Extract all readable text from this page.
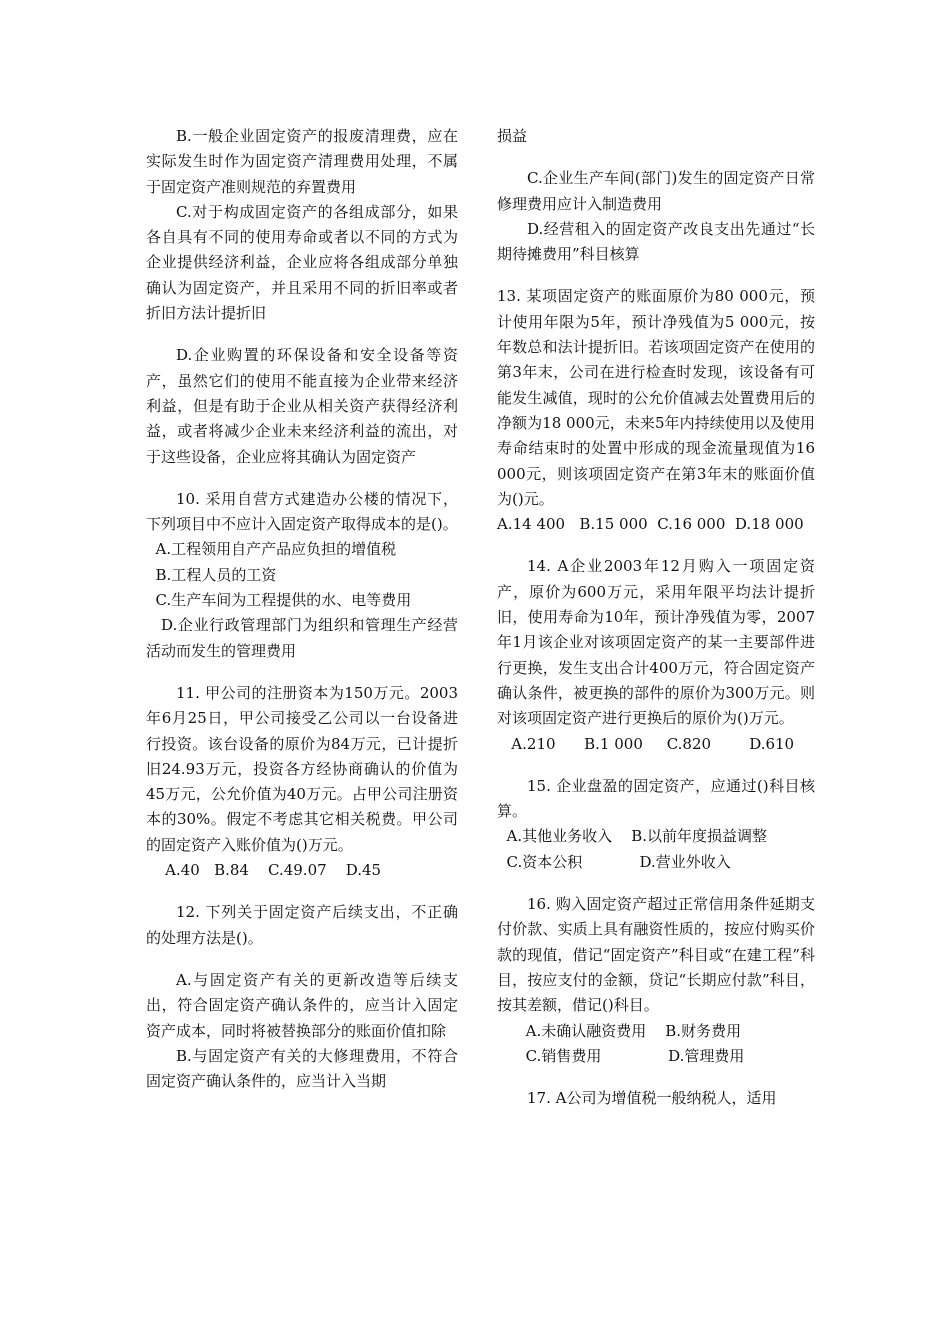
B.一般企业固定资产的报废清理费，应在实际发生时作为固定资产清理费用处理，不属于固定资产准则规范的弃置费用

C.对于构成固定资产的各组成部分，如果各自具有不同的使用寿命或者以不同的方式为企业提供经济利益，企业应将各组成部分单独确认为固定资产，并且采用不同的折旧率或者折旧方法计提折旧

D.企业购置的环保设备和安全设备等资产，虽然它们的使用不能直接为企业带来经济利益，但是有助于企业从相关资产获得经济利益，或者将减少企业未来经济利益的流出，对于这些设备，企业应将其确认为固定资产

10. 采用自营方式建造办公楼的情况下，下列项目中不应计入固定资产取得成本的是()。

A.工程领用自产产品应负担的增值税

B.工程人员的工资

C.生产车间为工程提供的水、电等费用

D.企业行政管理部门为组织和管理生产经营活动而发生的管理费用

11. 甲公司的注册资本为150万元。2003年6月25日，甲公司接受乙公司以一台设备进行投资。该台设备的原价为84万元，已计提折旧24.93万元，投资各方经协商确认的价值为45万元，公允价值为40万元。占甲公司注册资本的30%。假定不考虑其它相关税费。甲公司的固定资产入账价值为()万元。

A.40   B.84    C.49.07    D.45

12. 下列关于固定资产后续支出，不正确的处理方法是()。

A.与固定资产有关的更新改造等后续支出，符合固定资产确认条件的，应当计入固定资产成本，同时将被替换部分的账面价值扣除

B.与固定资产有关的大修理费用，不符合固定资产确认条件的，应当计入当期

损益

C.企业生产车间(部门)发生的固定资产日常修理费用应计入制造费用

D.经营租入的固定资产改良支出先通过“长期待摊费用”科目核算

13. 某项固定资产的账面原价为80 000元，预计使用年限为5年，预计净残值为5 000元，按年数总和法计提折旧。若该项固定资产在使用的第3年末，公司在进行检查时发现，该设备有可能发生减值，现时的公允价值减去处置费用后的净额为18 000元，未来5年内持续使用以及使用寿命结束时的处置中形成的现金流量现值为16 000元，则该项固定资产在第3年末的账面价值为()元。

A.14 400   B.15 000  C.16 000  D.18 000

14. A企业2003年12月购入一项固定资产，原价为600万元，采用年限平均法计提折旧，使用寿命为10年，预计净残值为零，2007年1月该企业对该项固定资产的某一主要部件进行更换，发生支出合计400万元，符合固定资产确认条件，被更换的部件的原价为300万元。则对该项固定资产进行更换后的原价为()万元。

A.210      B.1 000     C.820        D.610

15. 企业盘盈的固定资产，应通过()科目核算。

A.其他业务收入    B.以前年度损益调整

C.资本公积            D.营业外收入

16. 购入固定资产超过正常信用条件延期支付价款、实质上具有融资性质的，按应付购买价款的现值，借记“固定资产”科目或“在建工程”科目，按应支付的金额，贷记“长期应付款”科目，按其差额，借记()科目。

A.未确认融资费用    B.财务费用

C.销售费用              D.管理费用

17. A公司为增值税一般纳税人，适用
